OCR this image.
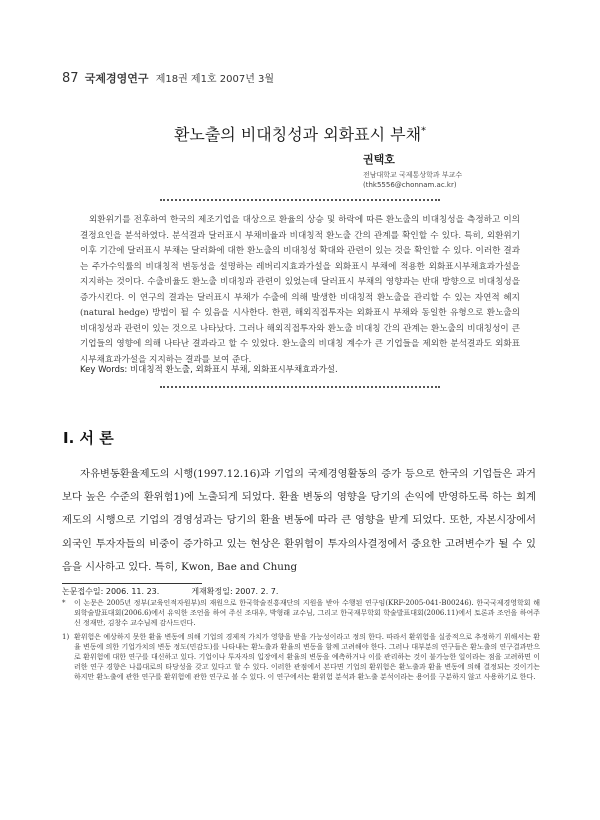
87 국제경영연구 제18권 제1호 2007년 3월
환노출의 비대칭성과 외화표시 부채*
권택호
전남대학교 국제통상학과 부교수
(thk5556@chonnam.ac.kr)
외환위기를 전후하여 한국의 제조기업을 대상으로 환율의 상승 및 하락에 따른 환노출의 비대칭성을 측정하고 이의 결정요인을 분석하였다. 분석결과 달러표시 부채비율과 비대칭적 환노출 간의 관계를 확인할 수 있다. 특히, 외환위기 이후 기간에 달러표시 부채는 달러화에 대한 환노출의 비대칭성 확대와 관련이 있는 것을 확인할 수 있다. 이러한 결과는 주가수익률의 비대칭적 변동성을 설명하는 레버리지효과가설을 외화표시 부채에 적용한 외화표시부채효과가설을 지지하는 것이다. 수출비율도 환노출 비대칭과 관련이 있었는데 달러표시 부채의 영향과는 반대 방향으로 비대칭성을 증가시킨다. 이 연구의 결과는 달러표시 부채가 수출에 의해 발생한 비대칭적 환노출을 관리할 수 있는 자연적 헤지(natural hedge) 방법이 될 수 있음을 시사한다. 한편, 해외직접투자는 외화표시 부채와 동일한 유형으로 환노출의 비대칭성과 관련이 있는 것으로 나타났다. 그러나 해외직접투자와 환노출 비대칭 간의 관계는 환노출의 비대칭성이 큰 기업들의 영향에 의해 나타난 결과라고 할 수 있었다. 환노출의 비대칭 계수가 큰 기업들을 제외한 분석결과도 외화표시부채효과가설을 지지하는 결과를 보여 준다.
Key Words: 비대칭적 환노출, 외화표시 부채, 외화표시부채효과가설.
I. 서 론
자유변동환율제도의 시행(1997.12.16)과 기업의 국제경영활동의 증가 등으로 한국의 기업들은 과거보다 높은 수준의 환위험1)에 노출되게 되었다. 환율 변동의 영향을 당기의 손익에 반영하도록 하는 회계제도의 시행으로 기업의 경영성과는 당기의 환율 변동에 따라 큰 영향을 받게 되었다. 또한, 자본시장에서 외국인 투자자들의 비중이 증가하고 있는 현상은 환위험이 투자의사결정에서 중요한 고려변수가 될 수 있음을 시사하고 있다. 특히, Kwon, Bae and Chung
논문접수일: 2006. 11. 23.	게재확정일: 2007. 2. 7.
* 이 논문은 2005년 정부(교육인적자원부)의 재원으로 한국학술진흥재단의 지원을 받아 수행된 연구임(KRF-2005-041-B00246). 한국국제경영학회 해외학술발표대회(2006.6)에서 유익한 조언을 하여 주신 조대우, 박형래 교수님, 그리고 한국재무학회 학술발표대회(2006.11)에서 토론과 조언을 하여주신 정재만, 김창수 교수님께 감사드린다.
1) 환위험은 예상하지 못한 환율 변동에 의해 기업의 경제적 가치가 영향을 받을 가능성이라고 정의 한다. 따라서 환위험을 실증적으로 추정하기 위해서는 환율 변동에 의한 기업가치의 변동 정도(민감도)를 나타내는 환노출과 환율의 변동을 함께 고려해야 한다. 그러나 대부분의 연구들은 환노출의 연구결과만으로 환위험에 대한 연구를 대신하고 있다. 기업이나 투자자의 입장에서 환율의 변동을 예측하거나 이를 관리하는 것이 불가능한 일이라는 점을 고려하면 이러한 연구 경향은 나름대로의 타당성을 갖고 있다고 할 수 있다. 이러한 관점에서 본다면 기업의 환위험은 환노출과 환율 변동에 의해 결정되는 것이기는 하지만 환노출에 관한 연구를 환위험에 관한 연구로 볼 수 있다. 이 연구에서는 환위험 분석과 환노출 분석이라는 용어를 구분하지 않고 사용하기로 한다.
